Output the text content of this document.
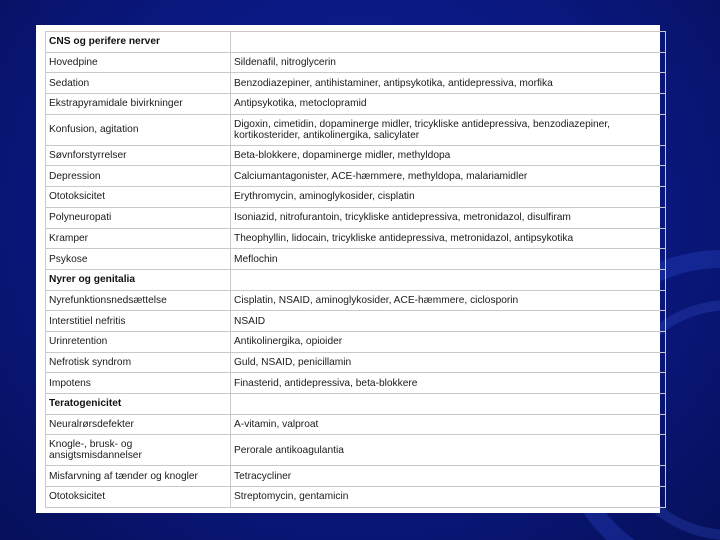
CNS og perifere nerver	
Hovedpine	Sildenafil, nitroglycerin
Sedation	Benzodiazepiner, antihistaminer, antipsykotika, antidepressiva, morfika
Ekstrapyramidale bivirkninger	Antipsykotika, metoclopramid
Konfusion, agitation	Digoxin, cimetidin, dopaminerge midler, tricykliske antidepressiva, benzodiazepiner, kortikosterider, antikolinergika, salicylater
Søvnforstyrrelser	Beta-blokkere, dopaminerge midler, methyldopa
Depression	Calciumantagonister, ACE-hæmmere, methyldopa, malariamidler
Ototoksicitet	Erythromycin, aminoglykosider, cisplatin
Polyneuropati	Isoniazid, nitrofurantoin, tricykliske antidepressiva, metronidazol, disulfiram
Kramper	Theophyllin, lidocain, tricykliske antidepressiva, metronidazol, antipsykotika
Psykose	Meflochin
Nyrer og genitalia	
Nyrefunktionsnedsættelse	Cisplatin, NSAID, aminoglykosider, ACE-hæmmere, ciclosporin
Interstitiel nefritis	NSAID
Urinretention	Antikolinergika, opioider
Nefrotisk syndrom	Guld, NSAID, penicillamin
Impotens	Finasterid, antidepressiva, beta-blokkere
Teratogenicitet	
Neuralrørsdefekter	A-vitamin, valproat
Knogle-, brusk- og ansigtsmisdannelser	Perorale antikoagulantia
Misfarvning af tænder og knogler	Tetracycliner
Ototoksicitet	Streptomycin, gentamicin
